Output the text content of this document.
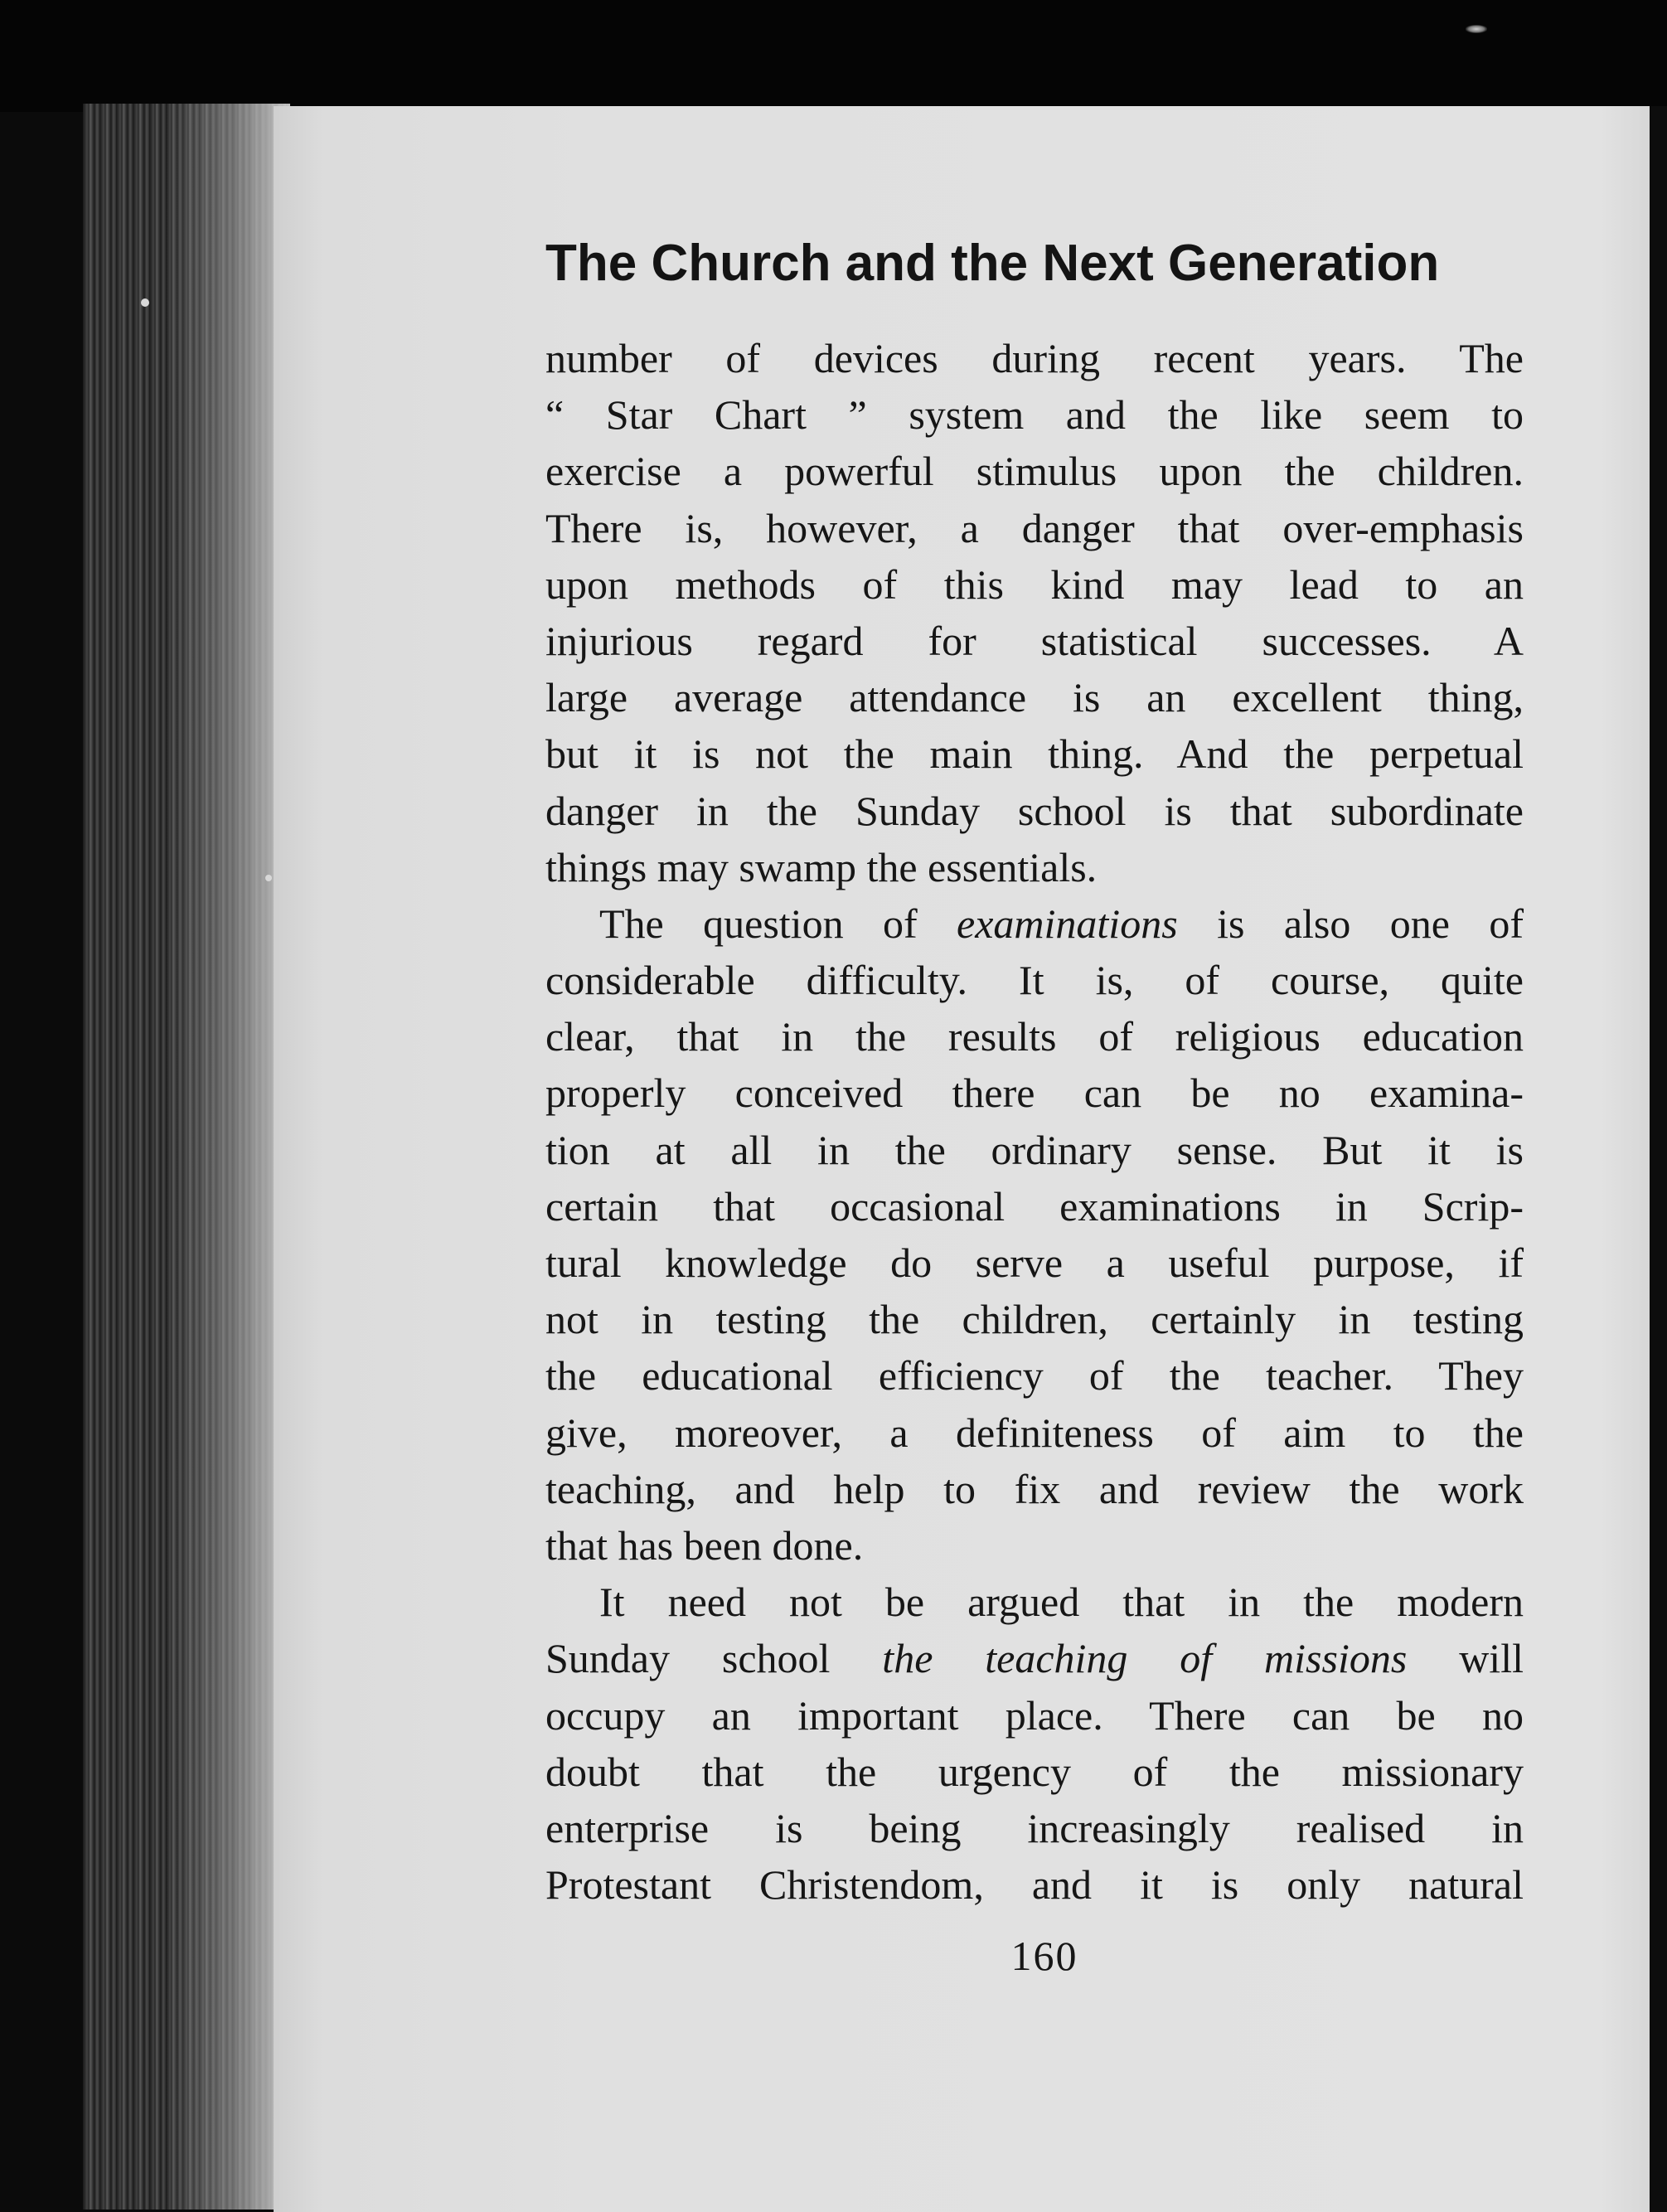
The Church and the Next Generation
number of devices during recent years. The
“ Star Chart ” system and the like seem to
exercise a powerful stimulus upon the children.
There is, however, a danger that over-emphasis
upon methods of this kind may lead to an
injurious regard for statistical successes. A
large average attendance is an excellent thing,
but it is not the main thing. And the perpetual
danger in the Sunday school is that subordinate
things may swamp the essentials.
The question of examinations is also one of
considerable difficulty. It is, of course, quite
clear, that in the results of religious education
properly conceived there can be no examina-
tion at all in the ordinary sense. But it is
certain that occasional examinations in Scrip-
tural knowledge do serve a useful purpose, if
not in testing the children, certainly in testing
the educational efficiency of the teacher. They
give, moreover, a definiteness of aim to the
teaching, and help to fix and review the work
that has been done.
It need not be argued that in the modern
Sunday school the teaching of missions will
occupy an important place. There can be no
doubt that the urgency of the missionary
enterprise is being increasingly realised in
Protestant Christendom, and it is only natural

160
